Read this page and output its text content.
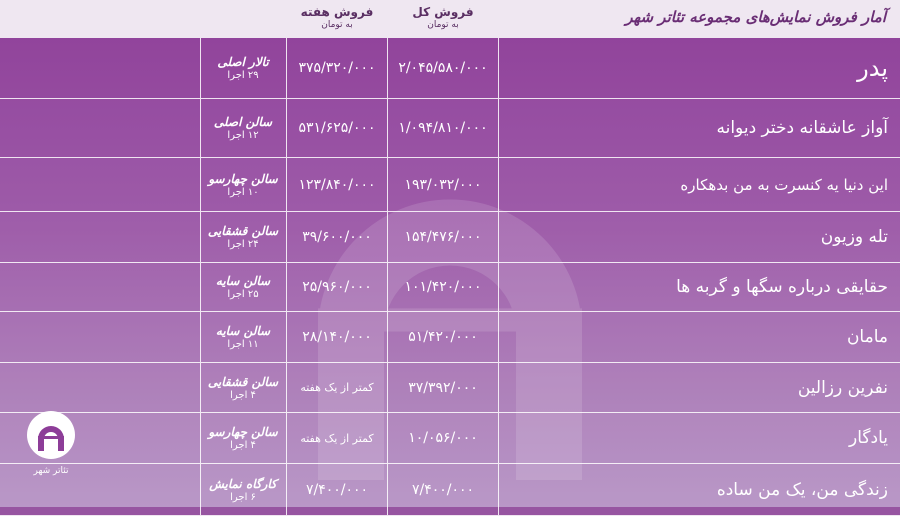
آمار فروش نمایش‌های مجموعه تئاتر شهر
فروش کل
به تومان
فروش هفته
به تومان
پدر
۲/۰۴۵/۵۸۰/۰۰۰
۳۷۵/۳۲۰/۰۰۰
تالار اصلی
۲۹ اجرا
آواز عاشقانه دختر دیوانه
۱/۰۹۴/۸۱۰/۰۰۰
۵۳۱/۶۲۵/۰۰۰
سالن اصلی
۱۲ اجرا
این دنیا یه کنسرت به من بدهکاره
۱۹۳/۰۳۲/۰۰۰
۱۲۳/۸۴۰/۰۰۰
سالن چهارسو
۱۰ اجرا
تله وزیون
۱۵۴/۴۷۶/۰۰۰
۳۹/۶۰۰/۰۰۰
سالن قشقایی
۲۴ اجرا
حقایقی درباره سگها و گربه ها
۱۰۱/۴۲۰/۰۰۰
۲۵/۹۶۰/۰۰۰
سالن سایه
۲۵ اجرا
مامان
۵۱/۴۲۰/۰۰۰
۲۸/۱۴۰/۰۰۰
سالن سایه
۱۱ اجرا
نفرین رزالین
۳۷/۳۹۲/۰۰۰
کمتر از یک هفته
سالن قشقایی
۴ اجرا
یادگار
۱۰/۰۵۶/۰۰۰
کمتر از یک هفته
سالن چهارسو
۴ اجرا
زندگی من، یک من ساده
۷/۴۰۰/۰۰۰
۷/۴۰۰/۰۰۰
کارگاه نمایش
۶ اجرا
تئاتر شهر
